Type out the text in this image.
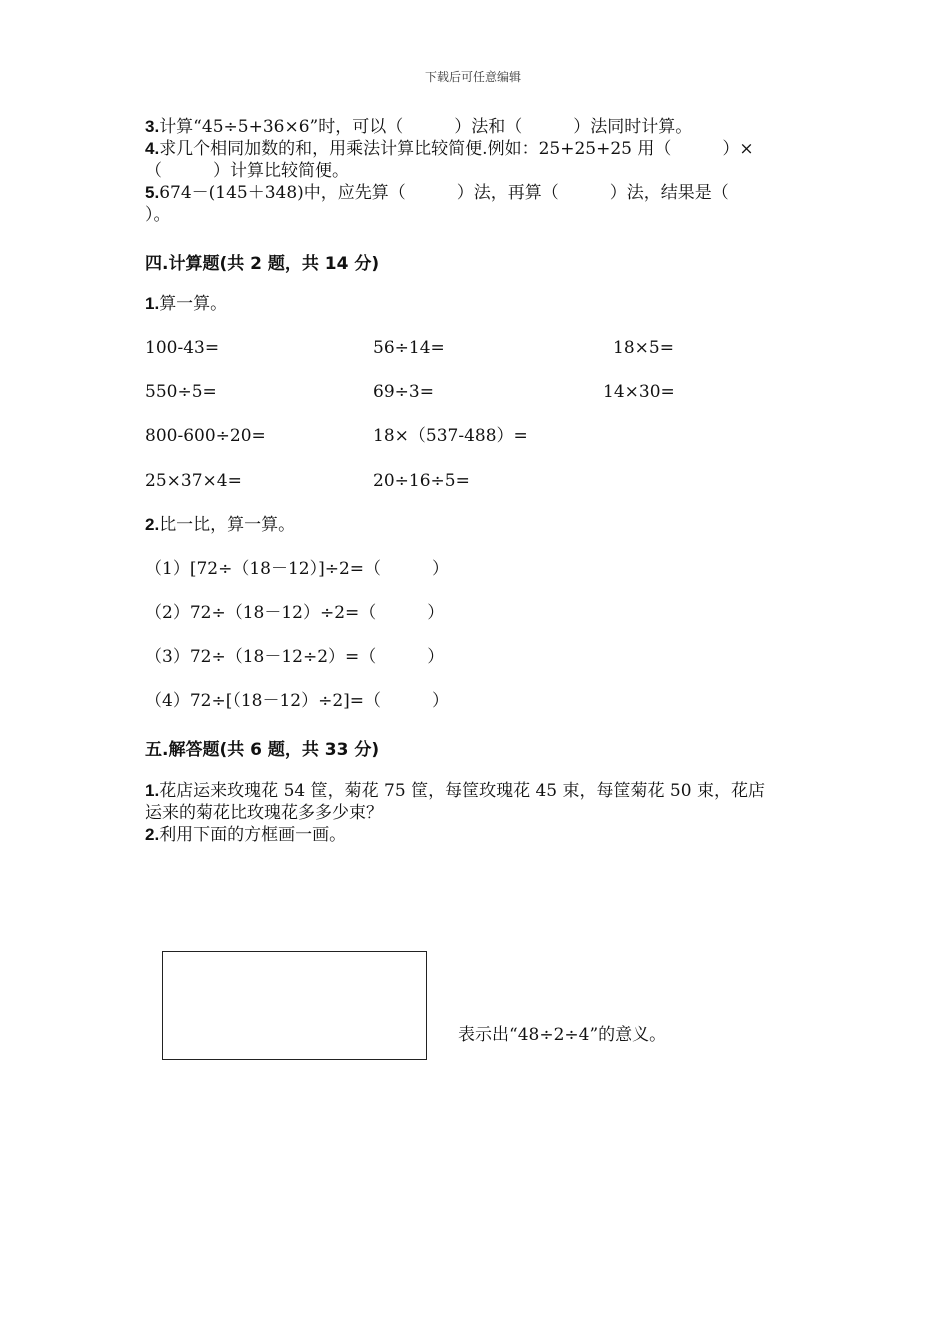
下载后可任意编辑
3.计算“45÷5+36×6”时，可以（　　　）法和（　　　）法同时计算。
4.求几个相同加数的和，用乘法计算比较简便.例如：25+25+25 用（　　　）×
（　　　）计算比较简便。
5.674－(145＋348)中，应先算（　　　）法，再算（　　　）法，结果是（
）。
四.计算题(共 2 题，共 14 分)
1.算一算。
100-43=	56÷14=	18×5=
550÷5=	69÷3=	14×30=
800-600÷20=	18×（537-488）=
25×37×4=	20÷16÷5=
2.比一比，算一算。
（1）[72÷（18－12）]÷2=（　　　）
（2）72÷（18－12）÷2=（　　　）
（3）72÷（18－12÷2）=（　　　）
（4）72÷[（18－12）÷2]=（　　　）
五.解答题(共 6 题，共 33 分)
1.花店运来玫瑰花 54 筐，菊花 75 筐，每筐玫瑰花 45 束，每筐菊花 50 束，花店
运来的菊花比玫瑰花多多少束？
2.利用下面的方框画一画。
表示出“48÷2÷4”的意义。
